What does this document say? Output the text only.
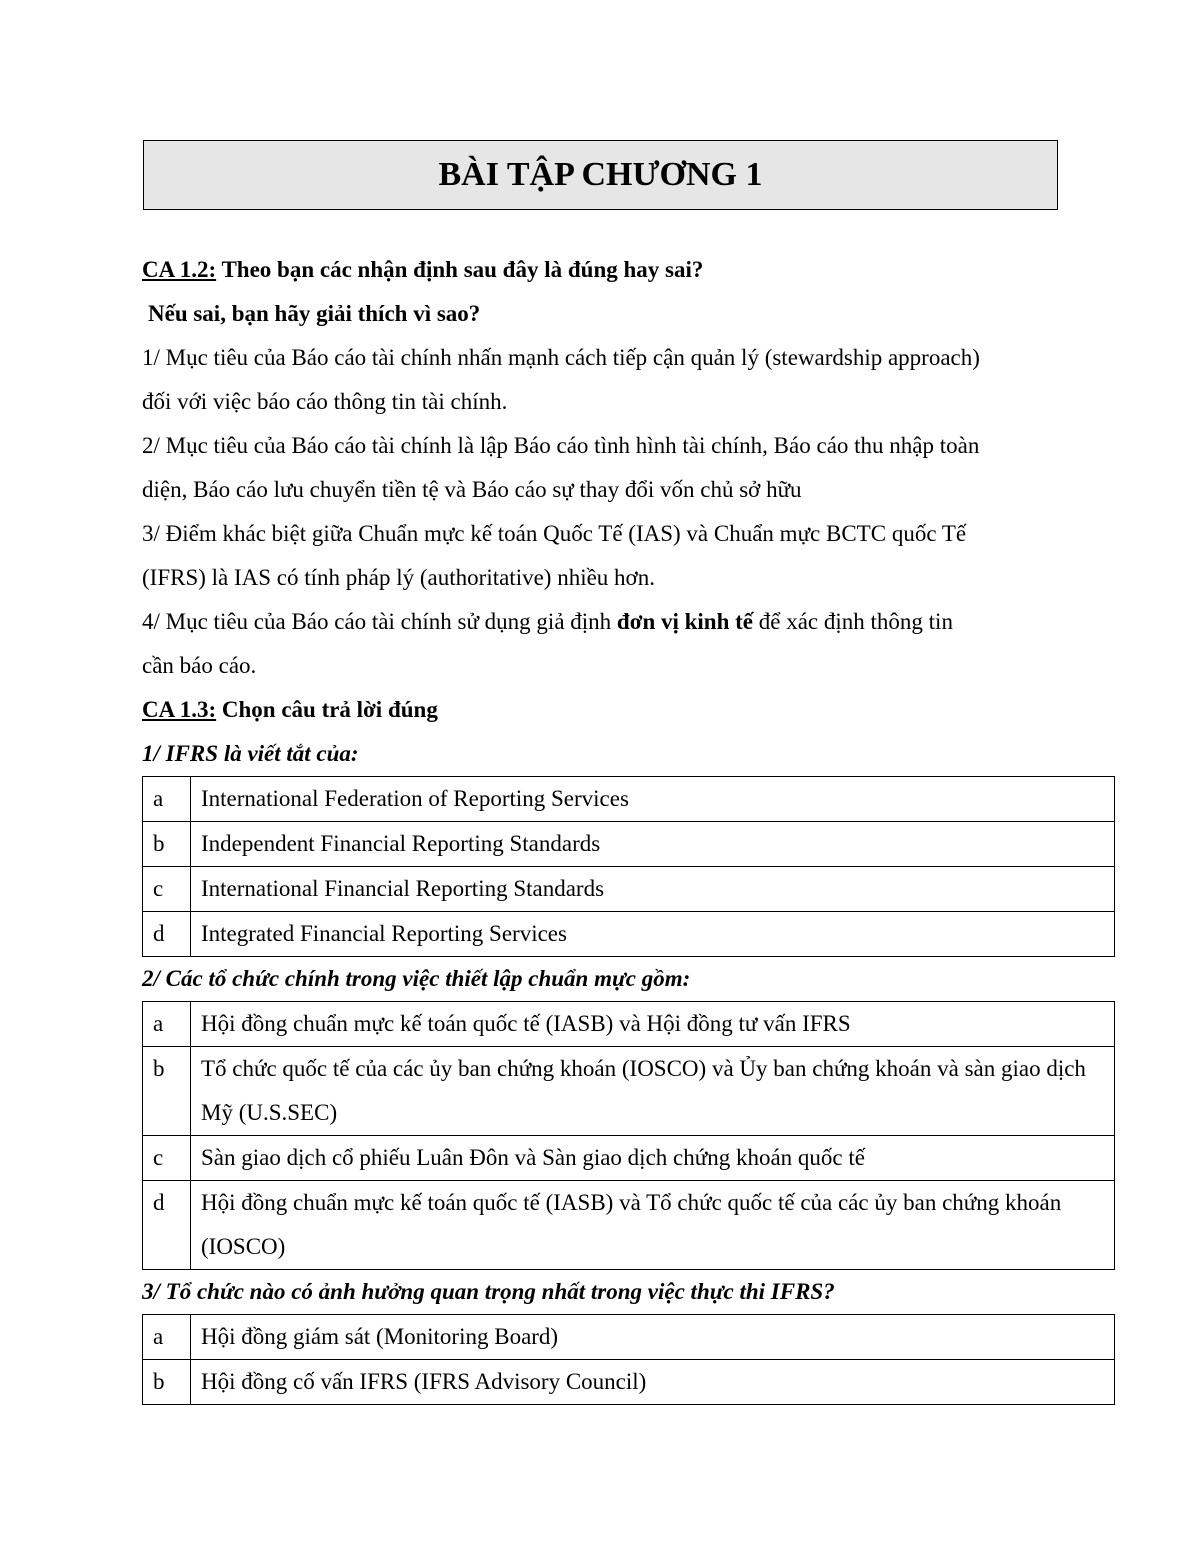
BÀI TẬP CHƯƠNG 1
CA 1.2: Theo bạn các nhận định sau đây là đúng hay sai?
Nếu sai, bạn hãy giải thích vì sao?
1/ Mục tiêu của Báo cáo tài chính nhấn mạnh cách tiếp cận quản lý (stewardship approach)
đối với việc báo cáo thông tin tài chính.
2/ Mục tiêu của Báo cáo tài chính là lập Báo cáo tình hình tài chính, Báo cáo thu nhập toàn
diện, Báo cáo lưu chuyển tiền tệ và Báo cáo sự thay đổi vốn chủ sở hữu
3/ Điểm khác biệt giữa Chuẩn mực kế toán Quốc Tế (IAS) và Chuẩn mực BCTC quốc Tế
(IFRS) là IAS có tính pháp lý (authoritative) nhiều hơn.
4/ Mục tiêu của Báo cáo tài chính sử dụng giả định đơn vị kinh tế để xác định thông tin
cần báo cáo.
CA 1.3: Chọn câu trả lời đúng
1/ IFRS là viết tắt của:
a	International Federation of Reporting Services
b	Independent Financial Reporting Standards
c	International Financial Reporting Standards
d	Integrated Financial Reporting Services
2/ Các tổ chức chính trong việc thiết lập chuẩn mực gồm:
a	Hội đồng chuẩn mực kế toán quốc tế (IASB) và Hội đồng tư vấn IFRS
b	Tổ chức quốc tế của các ủy ban chứng khoán (IOSCO) và Ủy ban chứng khoán và sàn giao dịch Mỹ (U.S.SEC)
c	Sàn giao dịch cổ phiếu Luân Đôn và Sàn giao dịch chứng khoán quốc tế
d	Hội đồng chuẩn mực kế toán quốc tế (IASB) và Tổ chức quốc tế của các ủy ban chứng khoán (IOSCO)
3/ Tổ chức nào có ảnh hưởng quan trọng nhất trong việc thực thi IFRS?
a	Hội đồng giám sát (Monitoring Board)
b	Hội đồng cố vấn IFRS (IFRS Advisory Council)
